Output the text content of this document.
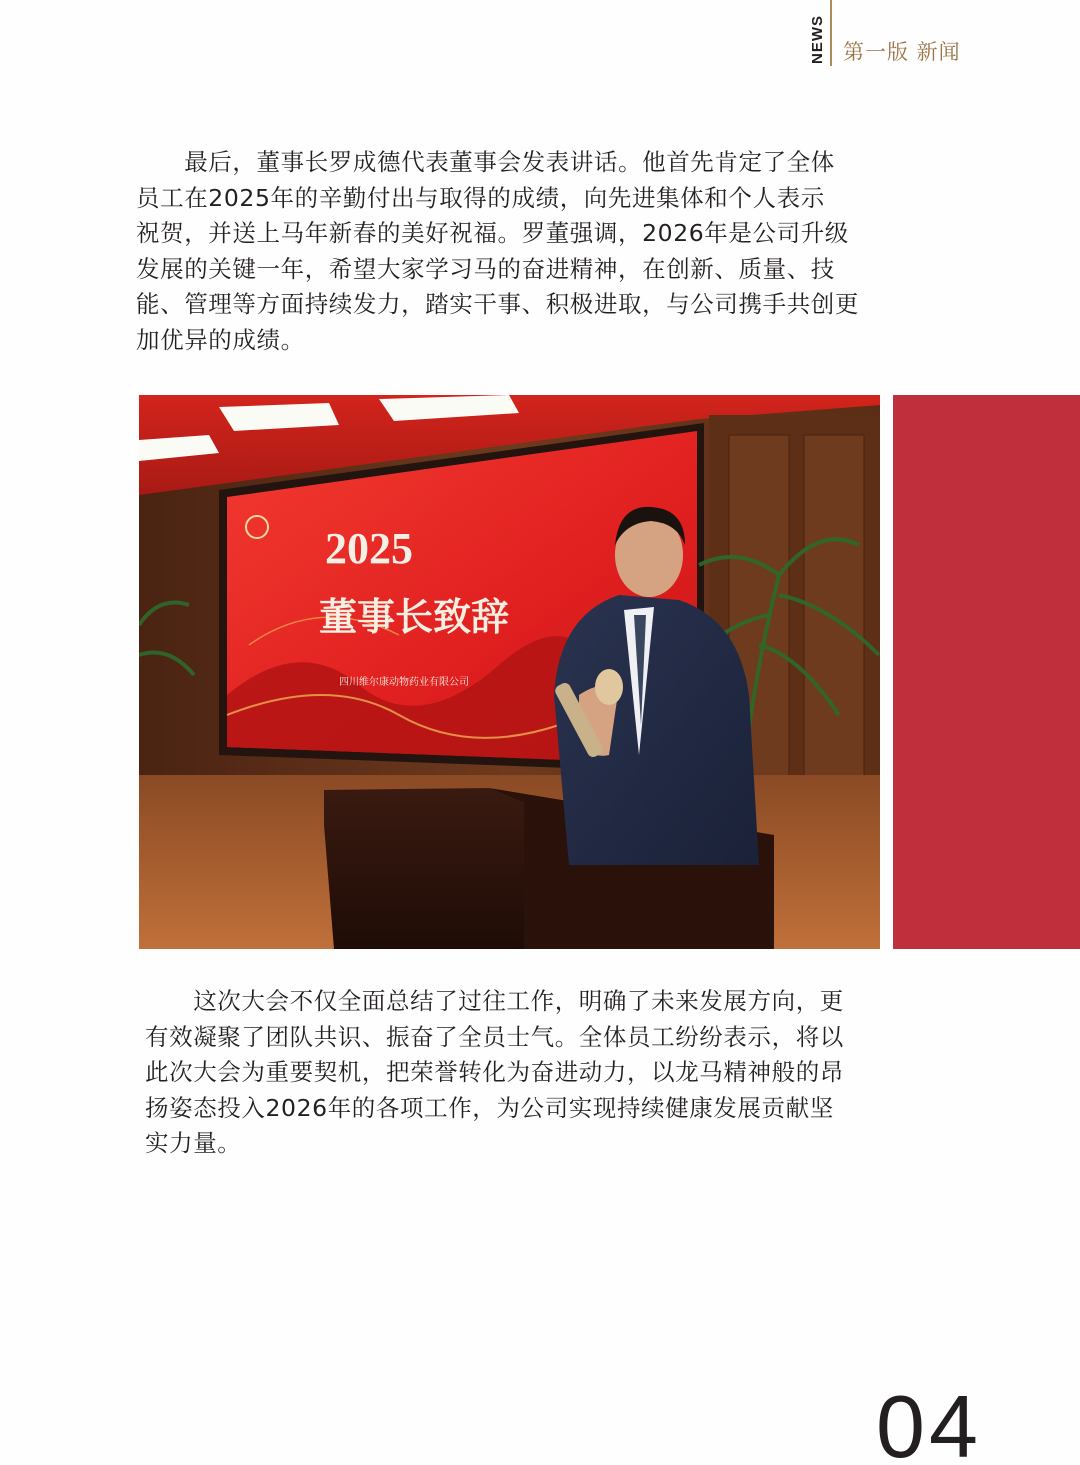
NEWS 第一版 新闻

　　最后，董事长罗成德代表董事会发表讲话。他首先肯定了全体

员工在2025年的辛勤付出与取得的成绩，向先进集体和个人表示

祝贺，并送上马年新春的美好祝福。罗董强调，2026年是公司升级

发展的关键一年，希望大家学习马的奋进精神，在创新、质量、技

能、管理等方面持续发力，踏实干事、积极进取，与公司携手共创更

加优异的成绩。

2025
董事长致辞
四川维尔康动物药业有限公司

　　这次大会不仅全面总结了过往工作，明确了未来发展方向，更

有效凝聚了团队共识、振奋了全员士气。全体员工纷纷表示，将以

此次大会为重要契机，把荣誉转化为奋进动力，以龙马精神般的昂

扬姿态投入2026年的各项工作，为公司实现持续健康发展贡献坚

实力量。

04
